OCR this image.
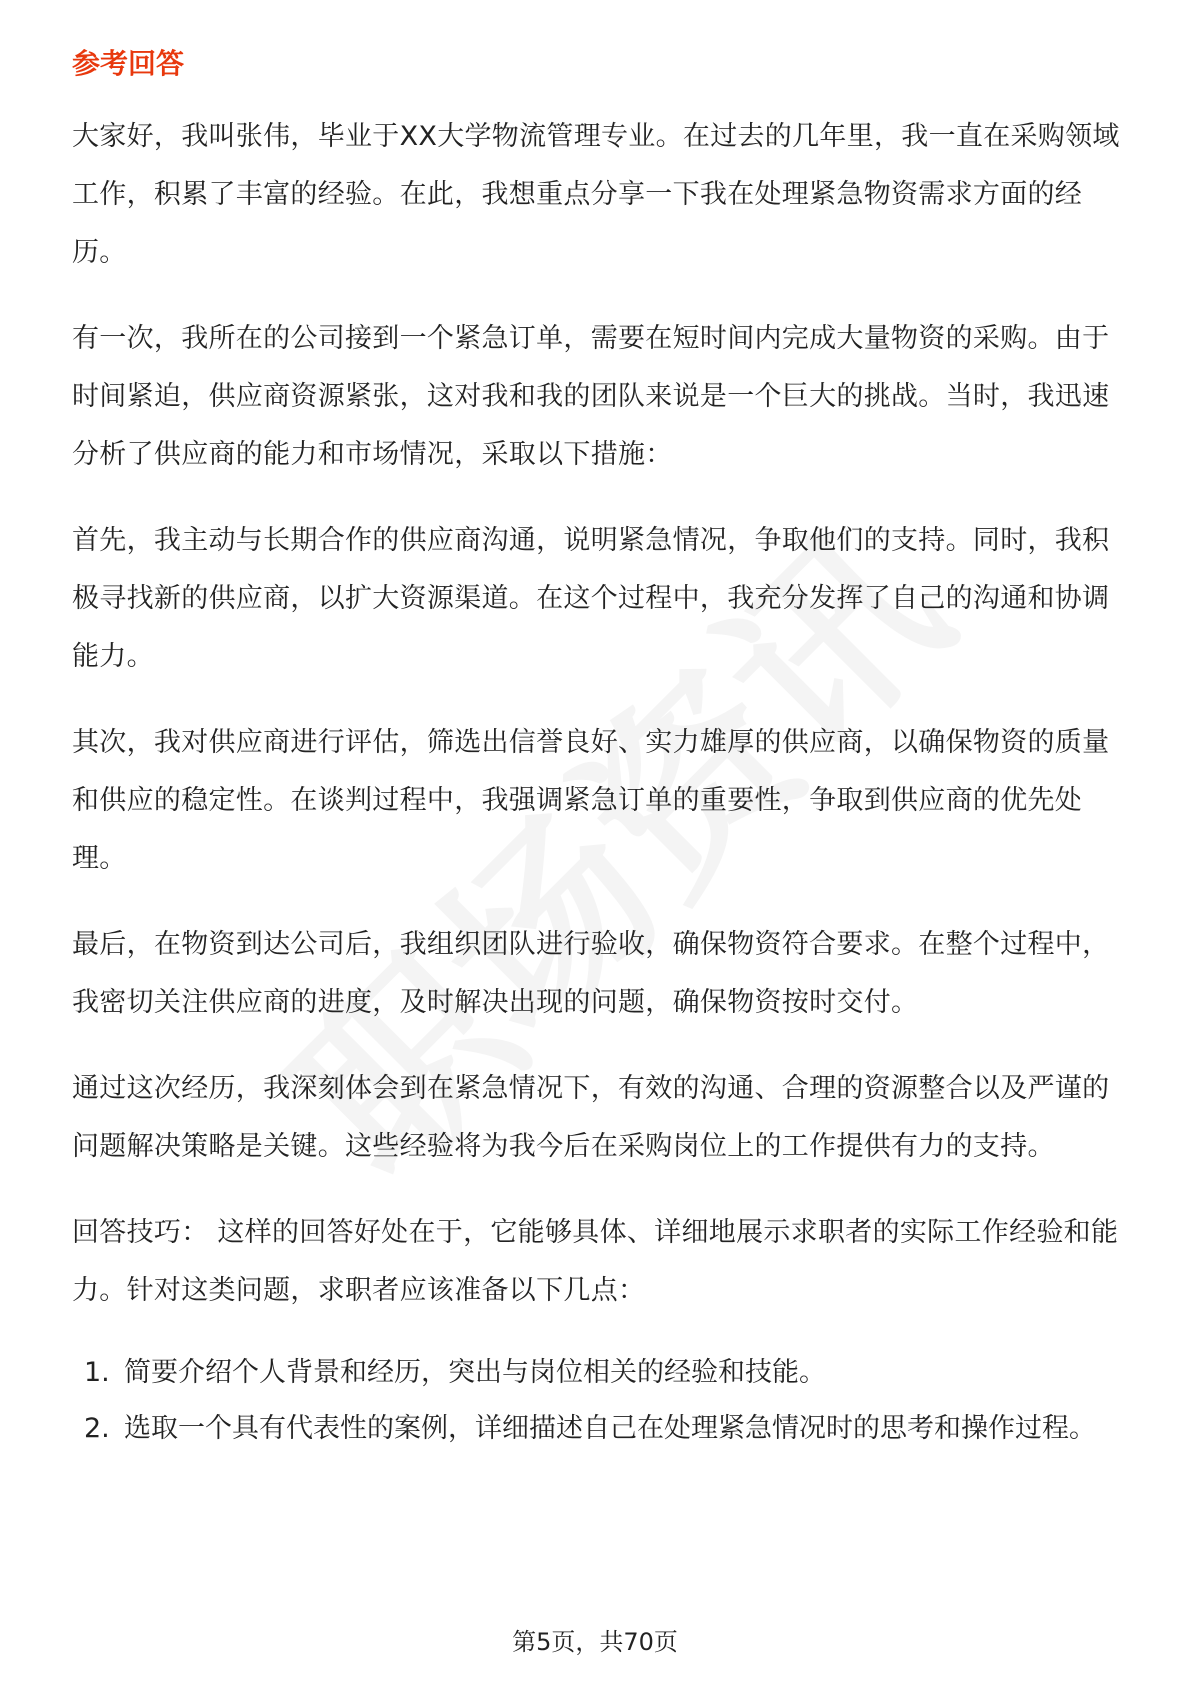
参考回答

大家好，我叫张伟，毕业于XX大学物流管理专业。在过去的几年里，我一直在采购领域工作，积累了丰富的经验。在此，我想重点分享一下我在处理紧急物资需求方面的经历。

有一次，我所在的公司接到一个紧急订单，需要在短时间内完成大量物资的采购。由于时间紧迫，供应商资源紧张，这对我和我的团队来说是一个巨大的挑战。当时，我迅速分析了供应商的能力和市场情况，采取以下措施：

首先，我主动与长期合作的供应商沟通，说明紧急情况，争取他们的支持。同时，我积极寻找新的供应商，以扩大资源渠道。在这个过程中，我充分发挥了自己的沟通和协调能力。

其次，我对供应商进行评估，筛选出信誉良好、实力雄厚的供应商，以确保物资的质量和供应的稳定性。在谈判过程中，我强调紧急订单的重要性，争取到供应商的优先处理。

最后，在物资到达公司后，我组织团队进行验收，确保物资符合要求。在整个过程中，我密切关注供应商的进度，及时解决出现的问题，确保物资按时交付。

通过这次经历，我深刻体会到在紧急情况下，有效的沟通、合理的资源整合以及严谨的问题解决策略是关键。这些经验将为我今后在采购岗位上的工作提供有力的支持。

回答技巧： 这样的回答好处在于，它能够具体、详细地展示求职者的实际工作经验和能力。针对这类问题，求职者应该准备以下几点：

1. 简要介绍个人背景和经历，突出与岗位相关的经验和技能。
2. 选取一个具有代表性的案例，详细描述自己在处理紧急情况时的思考和操作过程。
第5页，共70页
